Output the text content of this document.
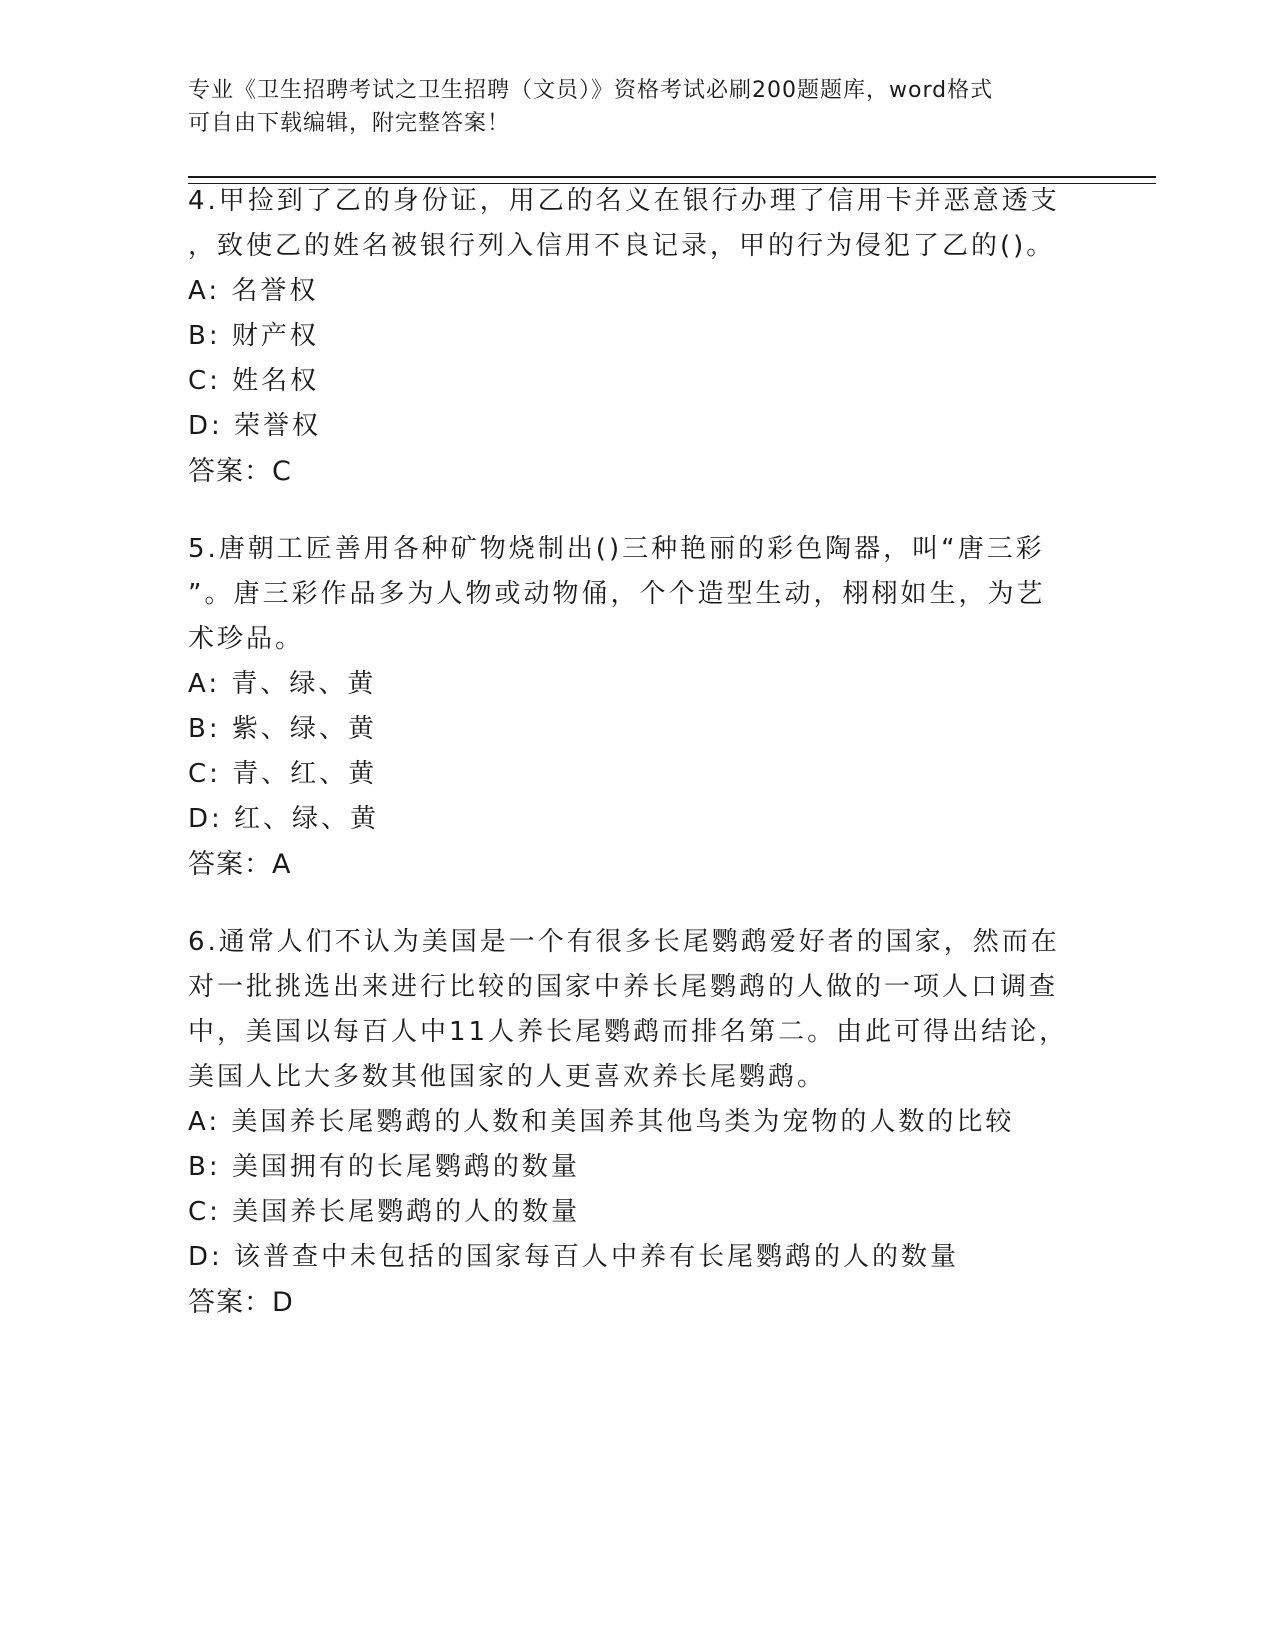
专业《卫生招聘考试之卫生招聘（文员）》资格考试必刷200题题库，word格式
可自由下载编辑，附完整答案！
4.甲捡到了乙的身份证，用乙的名义在银行办理了信用卡并恶意透支
，致使乙的姓名被银行列入信用不良记录，甲的行为侵犯了乙的()。
A: 名誉权
B: 财产权
C: 姓名权
D: 荣誉权
答案：C
5.唐朝工匠善用各种矿物烧制出()三种艳丽的彩色陶器，叫“唐三彩
”。唐三彩作品多为人物或动物俑，个个造型生动，栩栩如生，为艺
术珍品。
A: 青、绿、黄
B: 紫、绿、黄
C: 青、红、黄
D: 红、绿、黄
答案：A
6.通常人们不认为美国是一个有很多长尾鹦鹉爱好者的国家，然而在
对一批挑选出来进行比较的国家中养长尾鹦鹉的人做的一项人口调查
中，美国以每百人中11人养长尾鹦鹉而排名第二。由此可得出结论，
美国人比大多数其他国家的人更喜欢养长尾鹦鹉。
A: 美国养长尾鹦鹉的人数和美国养其他鸟类为宠物的人数的比较
B: 美国拥有的长尾鹦鹉的数量
C: 美国养长尾鹦鹉的人的数量
D: 该普查中未包括的国家每百人中养有长尾鹦鹉的人的数量
答案：D
